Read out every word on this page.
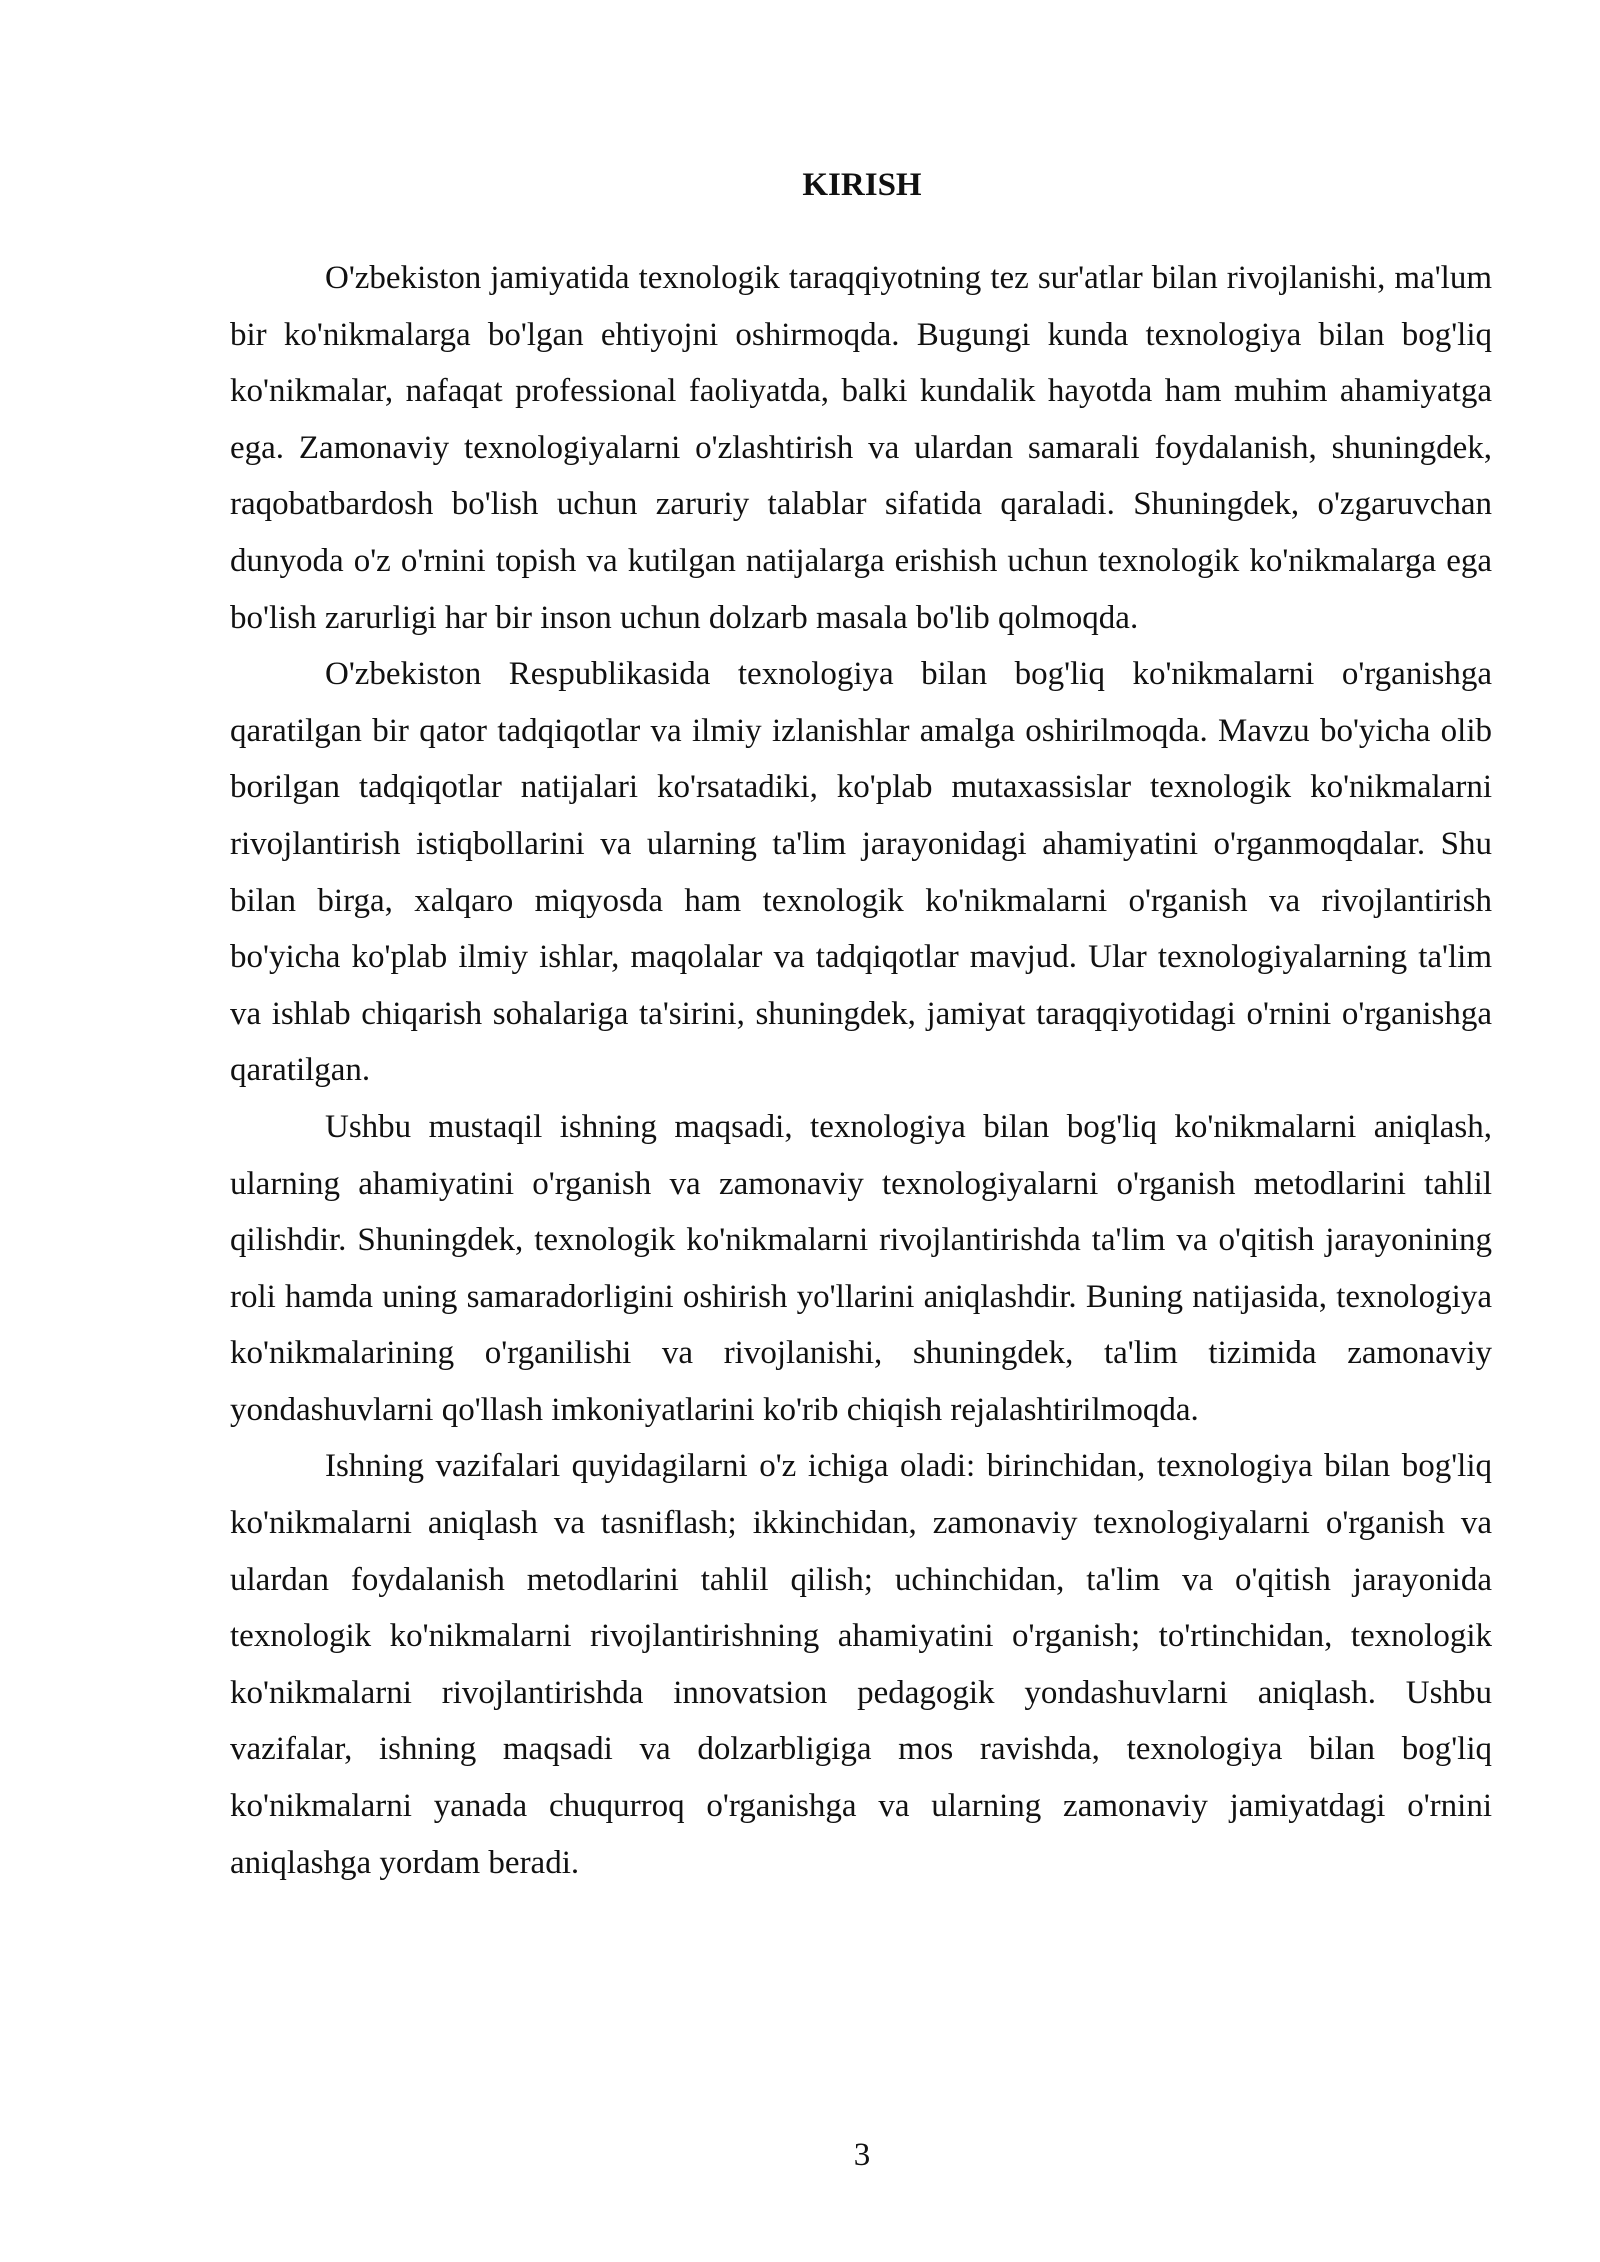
KIRISH

O'zbekiston jamiyatida texnologik taraqqiyotning tez sur'atlar bilan rivojlanishi, ma'lum bir ko'nikmalarga bo'lgan ehtiyojni oshirmoqda. Bugungi kunda texnologiya bilan bog'liq ko'nikmalar, nafaqat professional faoliyatda, balki kundalik hayotda ham muhim ahamiyatga ega. Zamonaviy texnologiyalarni o'zlashtirish va ulardan samarali foydalanish, shuningdek, raqobatbardosh bo'lish uchun zaruriy talablar sifatida qaraladi. Shuningdek, o'zgaruvchan dunyoda o'z o'rnini topish va kutilgan natijalarga erishish uchun texnologik ko'nikmalarga ega bo'lish zarurligi har bir inson uchun dolzarb masala bo'lib qolmoqda.

O'zbekiston Respublikasida texnologiya bilan bog'liq ko'nikmalarni o'rganishga qaratilgan bir qator tadqiqotlar va ilmiy izlanishlar amalga oshirilmoqda. Mavzu bo'yicha olib borilgan tadqiqotlar natijalari ko'rsatadiki, ko'plab mutaxassislar texnologik ko'nikmalarni rivojlantirish istiqbollarini va ularning ta'lim jarayonidagi ahamiyatini o'rganmoqdalar. Shu bilan birga, xalqaro miqyosda ham texnologik ko'nikmalarni o'rganish va rivojlantirish bo'yicha ko'plab ilmiy ishlar, maqolalar va tadqiqotlar mavjud. Ular texnologiyalarning ta'lim va ishlab chiqarish sohalariga ta'sirini, shuningdek, jamiyat taraqqiyotidagi o'rnini o'rganishga qaratilgan.

Ushbu mustaqil ishning maqsadi, texnologiya bilan bog'liq ko'nikmalarni aniqlash, ularning ahamiyatini o'rganish va zamonaviy texnologiyalarni o'rganish metodlarini tahlil qilishdir. Shuningdek, texnologik ko'nikmalarni rivojlantirishda ta'lim va o'qitish jarayonining roli hamda uning samaradorligini oshirish yo'llarini aniqlashdir. Buning natijasida, texnologiya ko'nikmalarining o'rganilishi va rivojlanishi, shuningdek, ta'lim tizimida zamonaviy yondashuvlarni qo'llash imkoniyatlarini ko'rib chiqish rejalashtirilmoqda.

Ishning vazifalari quyidagilarni o'z ichiga oladi: birinchidan, texnologiya bilan bog'liq ko'nikmalarni aniqlash va tasniflash; ikkinchidan, zamonaviy texnologiyalarni o'rganish va ulardan foydalanish metodlarini tahlil qilish; uchinchidan, ta'lim va o'qitish jarayonida texnologik ko'nikmalarni rivojlantirishning ahamiyatini o'rganish; to'rtinchidan, texnologik ko'nikmalarni rivojlantirishda innovatsion pedagogik yondashuvlarni aniqlash. Ushbu vazifalar, ishning maqsadi va dolzarbligiga mos ravishda, texnologiya bilan bog'liq ko'nikmalarni yanada chuqurroq o'rganishga va ularning zamonaviy jamiyatdagi o'rnini aniqlashga yordam beradi.

3
